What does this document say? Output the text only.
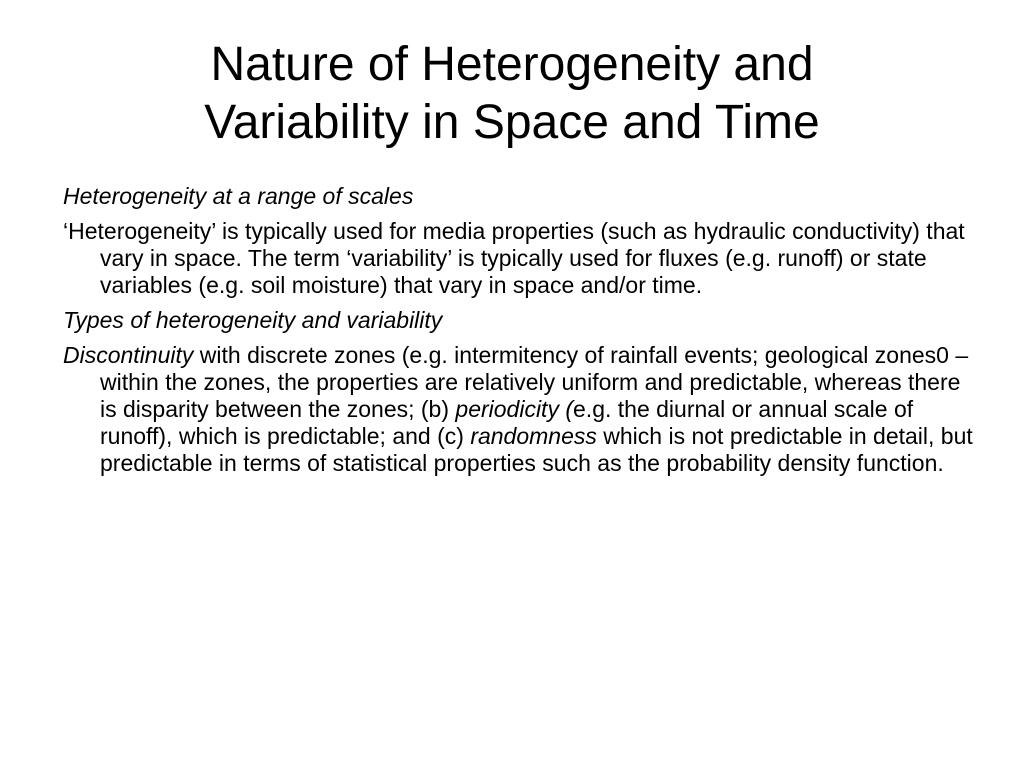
Nature of Heterogeneity and
Variability in Space and Time

Heterogeneity at a range of scales

‘Heterogeneity’ is typically used for media properties (such as hydraulic conductivity) that vary in space. The term ‘variability’ is typically used for fluxes (e.g. runoff) or state variables (e.g. soil moisture) that vary in space and/or time.

Types of heterogeneity and variability

Discontinuity with discrete zones (e.g. intermitency of rainfall events; geological zones0 – within the zones, the properties are relatively uniform and predictable, whereas there is disparity between the zones; (b) periodicity (e.g. the diurnal or annual scale of runoff), which is predictable; and (c) randomness which is not predictable in detail, but predictable in terms of statistical properties such as the probability density function.
